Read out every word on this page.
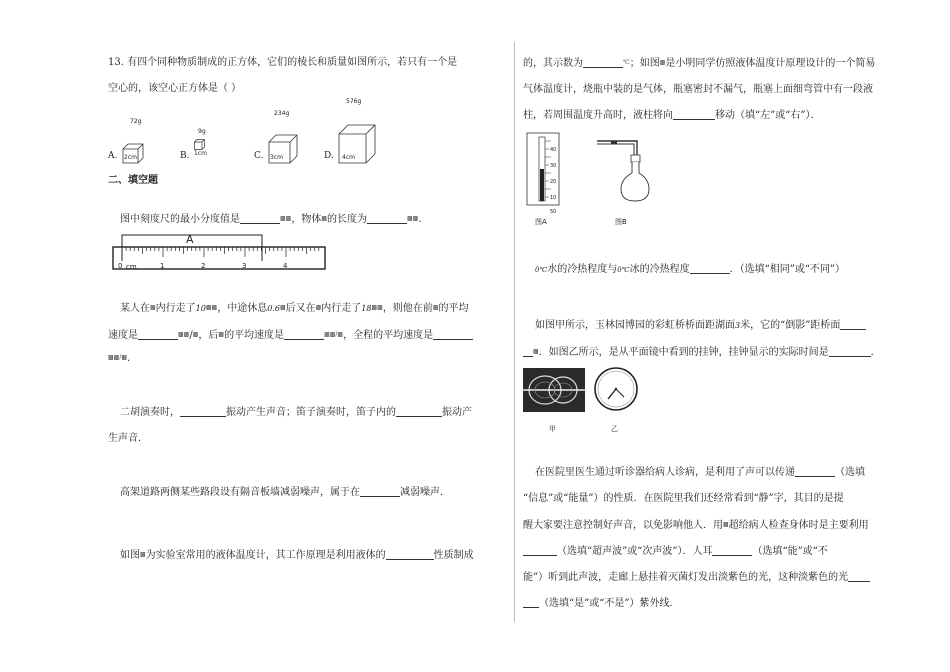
13. 有四个同种物质制成的正方体，它们的棱长和质量如图所示，若只有一个是

空心的，该空心正方体是（ ）

A.
72g
2cm	B.
9g
1cm	C.
234g
3cm	D.
576g
4cm

二、填空题

图中刻度尺的最小分度值是	▩▩，物体▩的长度为	▩▩.

A
0 cm	1	2	3	4

某人在▩内行走了10▩▩，中途休息0.6▩后又在▩内行走了18▩▩，则他在前▩的平均

速度是	▩▩/▩，后▩的平均速度是	▩▩/▩，全程的平均速度是

▩▩/▩.

二胡演奏时，	振动产生声音；笛子演奏时，笛子内的	振动产

生声音．

高架道路两侧某些路段设有隔音板墙减弱噪声，属于在	减弱噪声．

如图▩为实验室常用的液体温度计，其工作原理是利用液体的	性质制成

的，其示数为	℃；如图▩是小明同学仿照液体温度计原理设计的一个简易

气体温度计，烧瓶中装的是气体，瓶塞密封不漏气，瓶塞上面细弯管中有一段液

柱，若周围温度升高时，液柱将向	移动（填“左”或“右”）．

40
30
20
10
50
图A	图B

0℃水的冷热程度与0℃冰的冷热程度	．（选填“相同”或“不同”）

如图甲所示，玉林园博园的彩虹桥桥面距湖面3米，它的“倒影”距桥面

▩．如图乙所示，是从平面镜中看到的挂钟，挂钟显示的实际时间是	．

甲	乙

在医院里医生通过听诊器给病人诊病，是利用了声可以传递	（选填

“信息”或“能量”）的性质．在医院里我们还经常看到“静”字，其目的是提

醒大家要注意控制好声音，以免影响他人．用▩超给病人检查身体时是主要利用

（选填“超声波”或“次声波”）．人耳	（选填“能”或“不

能”）听到此声波，走廊上悬挂着灭菌灯发出淡紫色的光，这种淡紫色的光

（选填“是”或“不是”）紫外线．
